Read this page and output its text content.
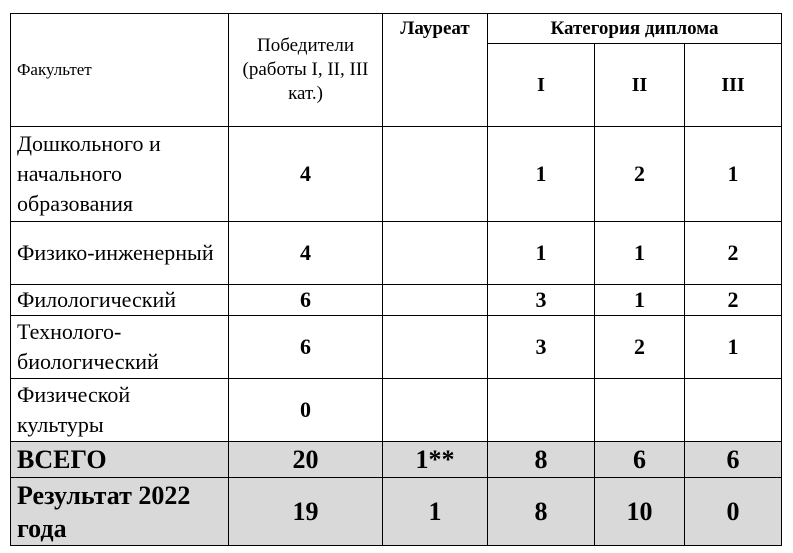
Факультет	Победители (работы I, II, III кат.)	Лауреат	Категория диплома		
			I	II	III
Дошкольного и начального образования	4		1	2	1
Физико-инженерный	4		1	1	2
Филологический	6		3	1	2
Технолого-биологический	6		3	2	1
Физической культуры	0				
ВСЕГО	20	1**	8	6	6
Результат 2022 года	19	1	8	10	0
